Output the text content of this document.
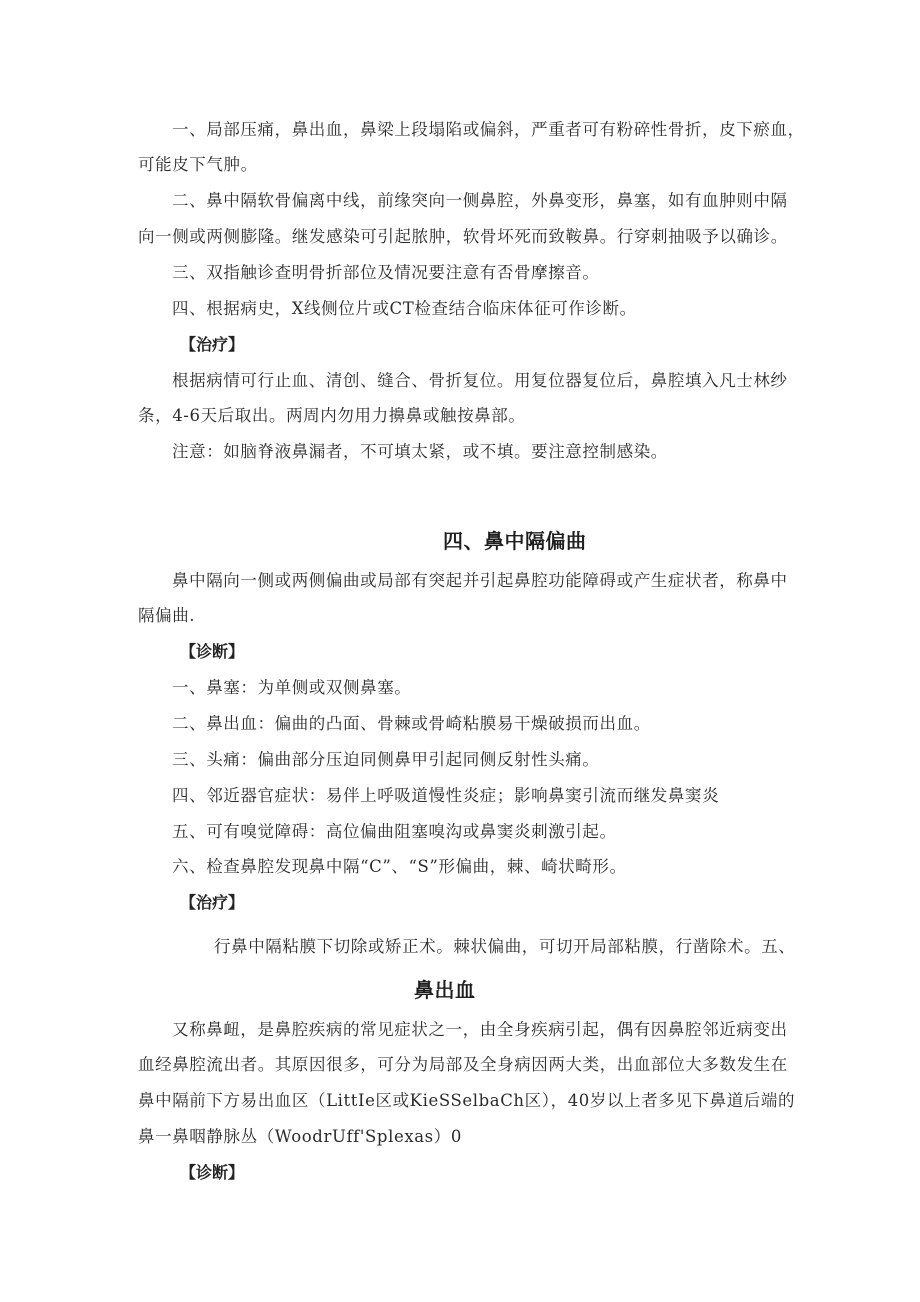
一、局部压痛，鼻出血，鼻梁上段塌陷或偏斜，严重者可有粉碎性骨折，皮下瘀血，
可能皮下气肿。
二、鼻中隔软骨偏离中线，前缘突向一侧鼻腔，外鼻变形，鼻塞，如有血肿则中隔
向一侧或两侧膨隆。继发感染可引起脓肿，软骨坏死而致鞍鼻。行穿刺抽吸予以确诊。
三、双指触诊查明骨折部位及情况要注意有否骨摩擦音。
四、根据病史，X线侧位片或CT检查结合临床体征可作诊断。
【治疗】
根据病情可行止血、清创、缝合、骨折复位。用复位器复位后，鼻腔填入凡士林纱
条，4-6天后取出。两周内勿用力擤鼻或触按鼻部。
注意：如脑脊液鼻漏者，不可填太紧，或不填。要注意控制感染。
四、鼻中隔偏曲
鼻中隔向一侧或两侧偏曲或局部有突起并引起鼻腔功能障碍或产生症状者，称鼻中
隔偏曲.
【诊断】
一、鼻塞：为单侧或双侧鼻塞。
二、鼻出血：偏曲的凸面、骨棘或骨崎粘膜易干燥破损而出血。
三、头痛：偏曲部分压迫同侧鼻甲引起同侧反射性头痛。
四、邻近器官症状：易伴上呼吸道慢性炎症；影响鼻窦引流而继发鼻窦炎
五、可有嗅觉障碍：高位偏曲阻塞嗅沟或鼻窦炎刺激引起。
六、检查鼻腔发现鼻中隔“C”、“S”形偏曲，棘、崎状畸形。
【治疗】
行鼻中隔粘膜下切除或矫正术。棘状偏曲，可切开局部粘膜，行凿除术。五、
鼻出血
又称鼻衄，是鼻腔疾病的常见症状之一，由全身疾病引起，偶有因鼻腔邻近病变出
血经鼻腔流出者。其原因很多，可分为局部及全身病因两大类，出血部位大多数发生在
鼻中隔前下方易出血区（LittIe区或KieSSelbaCh区），40岁以上者多见下鼻道后端的
鼻一鼻咽静脉丛（WoodrUff'Splexas）0
【诊断】
